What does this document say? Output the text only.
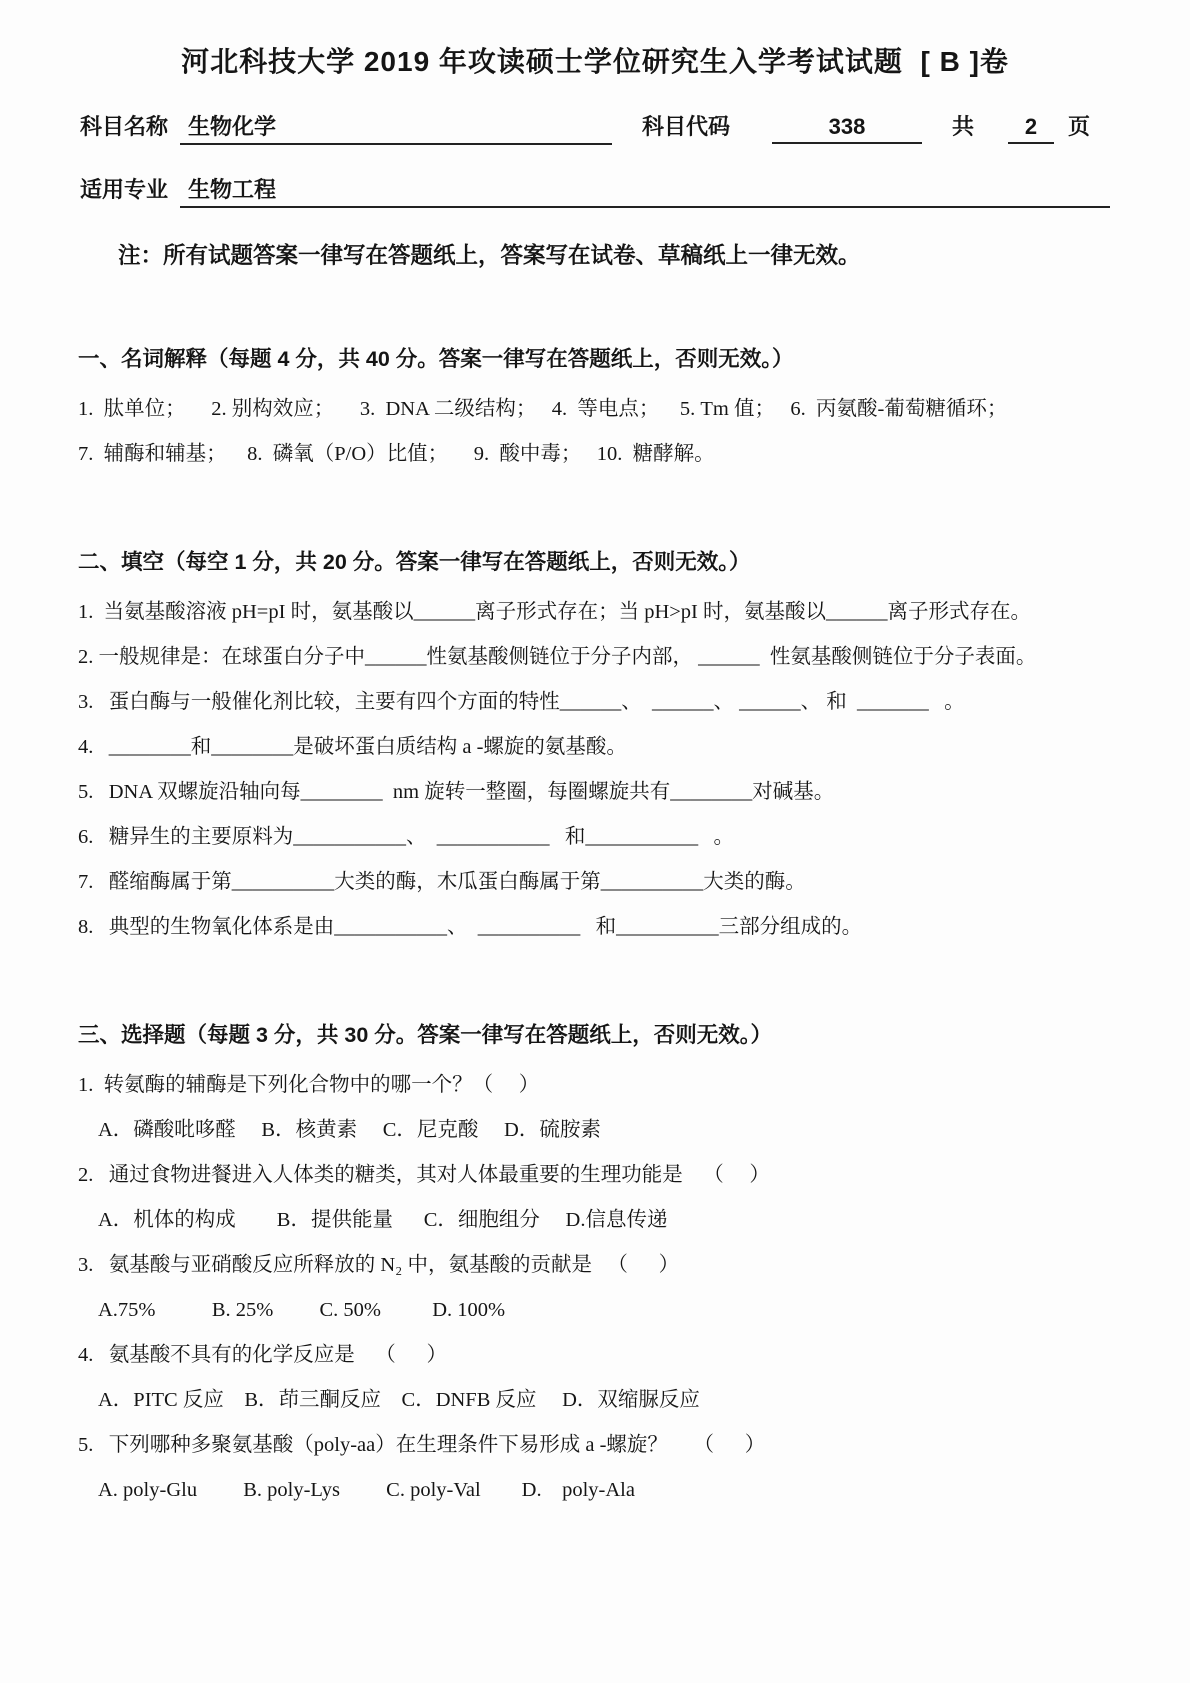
河北科技大学 2019 年攻读硕士学位研究生入学考试试题  [ B ]卷
科目名称 生物化学	科目代码	338	共	2	页
适用专业 生物工程

注：所有试题答案一律写在答题纸上，答案写在试卷、草稿纸上一律无效。

一、名词解释（每题 4 分，共 40 分。答案一律写在答题纸上，否则无效。）

1.  肽单位；     2. 别构效应；     3.  DNA 二级结构；   4.  等电点；    5. Tm 值；   6.  丙氨酸-葡萄糖循环；

7.  辅酶和辅基；    8.  磷氧（P/O）比值；     9.  酸中毒；   10.  糖酵解。

二、填空（每空 1 分，共 20 分。答案一律写在答题纸上，否则无效。）

1.  当氨基酸溶液 pH=pI 时，氨基酸以______离子形式存在；当 pH>pI 时，氨基酸以______离子形式存在。

2. 一般规律是：在球蛋白分子中______性氨基酸侧链位于分子内部， ______  性氨基酸侧链位于分子表面。

3.   蛋白酶与一般催化剂比较，主要有四个方面的特性______、  ______、 ______、 和  _______   。

4.   ________和________是破坏蛋白质结构 a -螺旋的氨基酸。

5.   DNA 双螺旋沿轴向每________  nm 旋转一整圈，每圈螺旋共有________对碱基。

6.   糖异生的主要原料为___________、  ___________   和___________   。

7.   醛缩酶属于第__________大类的酶，木瓜蛋白酶属于第__________大类的酶。

8.   典型的生物氧化体系是由___________、  __________   和__________三部分组成的。

三、选择题（每题 3 分，共 30 分。答案一律写在答题纸上，否则无效。）

1.  转氨酶的辅酶是下列化合物中的哪一个？（     ）

A．磷酸吡哆醛     B．核黄素     C．尼克酸     D．硫胺素

2.   通过食物进餐进入人体类的糖类，其对人体最重要的生理功能是    （     ）

A．机体的构成        B．提供能量      C．细胞组分     D.信息传递

3.   氨基酸与亚硝酸反应所释放的 N₂ 中，氨基酸的贡献是   （      ）

A.75%           B. 25%         C. 50%          D. 100%

4.   氨基酸不具有的化学反应是    （      ）

A．PITC 反应    B．茚三酮反应    C．DNFB 反应     D．双缩脲反应

5.   下列哪种多聚氨基酸（poly-aa）在生理条件下易形成 a -螺旋？     （      ）

A. poly-Glu         B. poly-Lys         C. poly-Val        D.    poly-Ala
